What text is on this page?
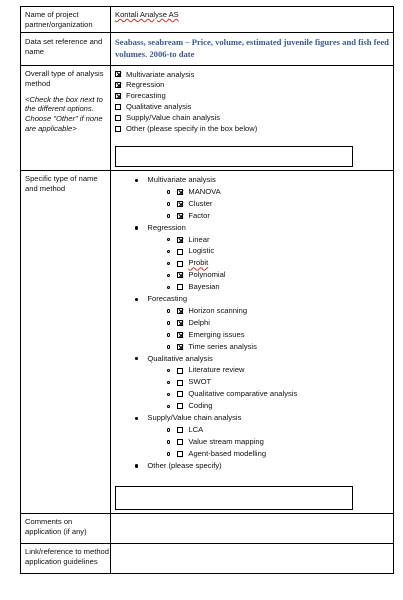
Name of project partner/organization
Kontali Analyse AS
Data set reference and name
Seabass, seabream – Price, volume, estimated juvenile figures and fish feed volumes. 2006-to date
Overall type of analysis method
<Check the box next to the different options. Choose "Other" if none are applicable>
Multivariate analysis
Regression
Forecasting
Qualitative analysis
Supply/Value chain analysis
Other (please specify in the box below)
Specific type of name and method
Multivariate analysis
MANOVA
Cluster
Factor
Regression
Linear
Logistic
Probit
Polynomial
Bayesian
Forecasting
Horizon scanning
Delphi
Emerging issues
Time series analysis
Qualitative analysis
Literature review
SWOT
Qualitative comparative analysis
Coding
Supply/Value chain analysis
LCA
Value stream mapping
Agent-based modelling
Other (please specify)
Comments on application (if any)
Link/reference to method application guidelines
